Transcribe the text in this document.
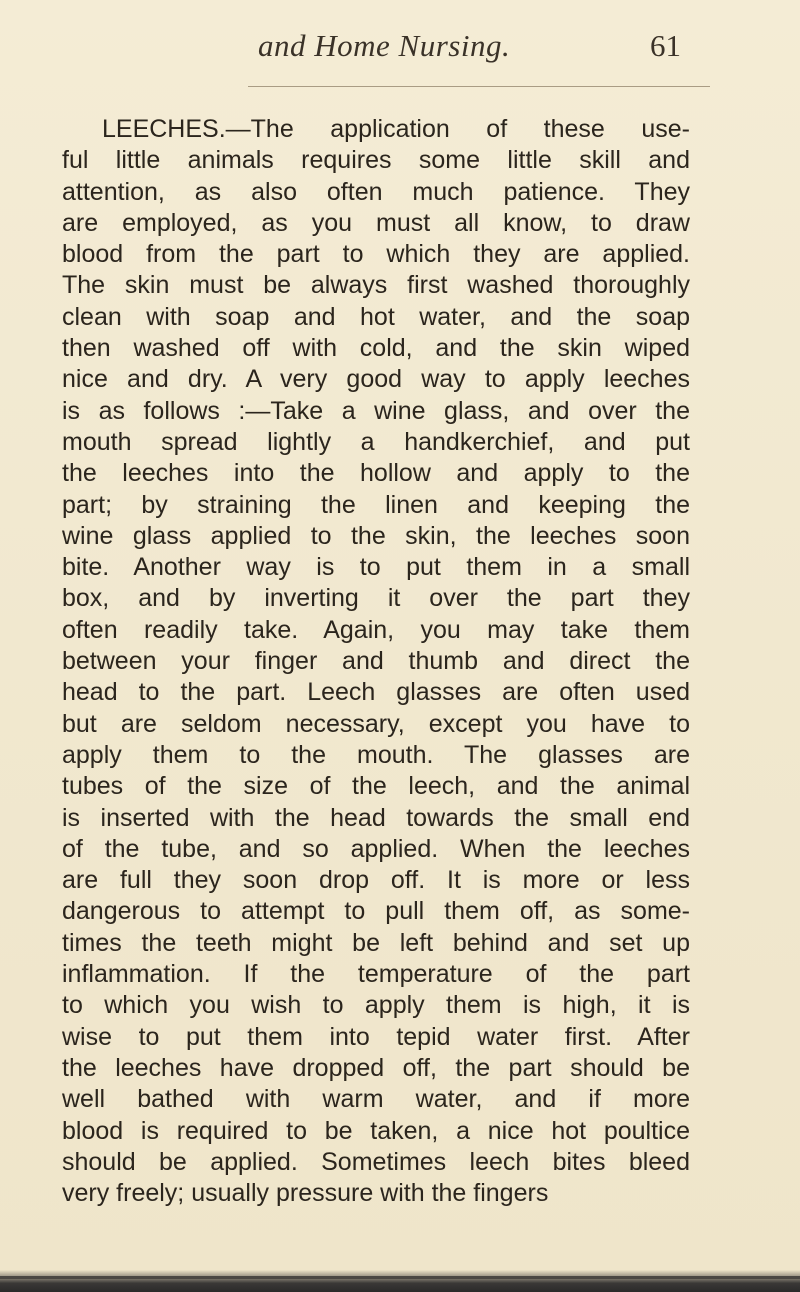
and Home Nursing.	61
LEECHES.—The application of these use-
ful little animals requires some little skill and
attention, as also often much patience. They
are employed, as you must all know, to draw
blood from the part to which they are applied.
The skin must be always first washed thoroughly
clean with soap and hot water, and the soap
then washed off with cold, and the skin wiped
nice and dry. A very good way to apply leeches
is as follows :—Take a wine glass, and over the
mouth spread lightly a handkerchief, and put
the leeches into the hollow and apply to the
part; by straining the linen and keeping the
wine glass applied to the skin, the leeches soon
bite. Another way is to put them in a small
box, and by inverting it over the part they
often readily take. Again, you may take them
between your finger and thumb and direct the
head to the part. Leech glasses are often used
but are seldom necessary, except you have to
apply them to the mouth. The glasses are
tubes of the size of the leech, and the animal
is inserted with the head towards the small end
of the tube, and so applied. When the leeches
are full they soon drop off. It is more or less
dangerous to attempt to pull them off, as some-
times the teeth might be left behind and set up
inflammation. If the temperature of the part
to which you wish to apply them is high, it is
wise to put them into tepid water first. After
the leeches have dropped off, the part should be
well bathed with warm water, and if more
blood is required to be taken, a nice hot poultice
should be applied. Sometimes leech bites bleed
very freely; usually pressure with the fingers
